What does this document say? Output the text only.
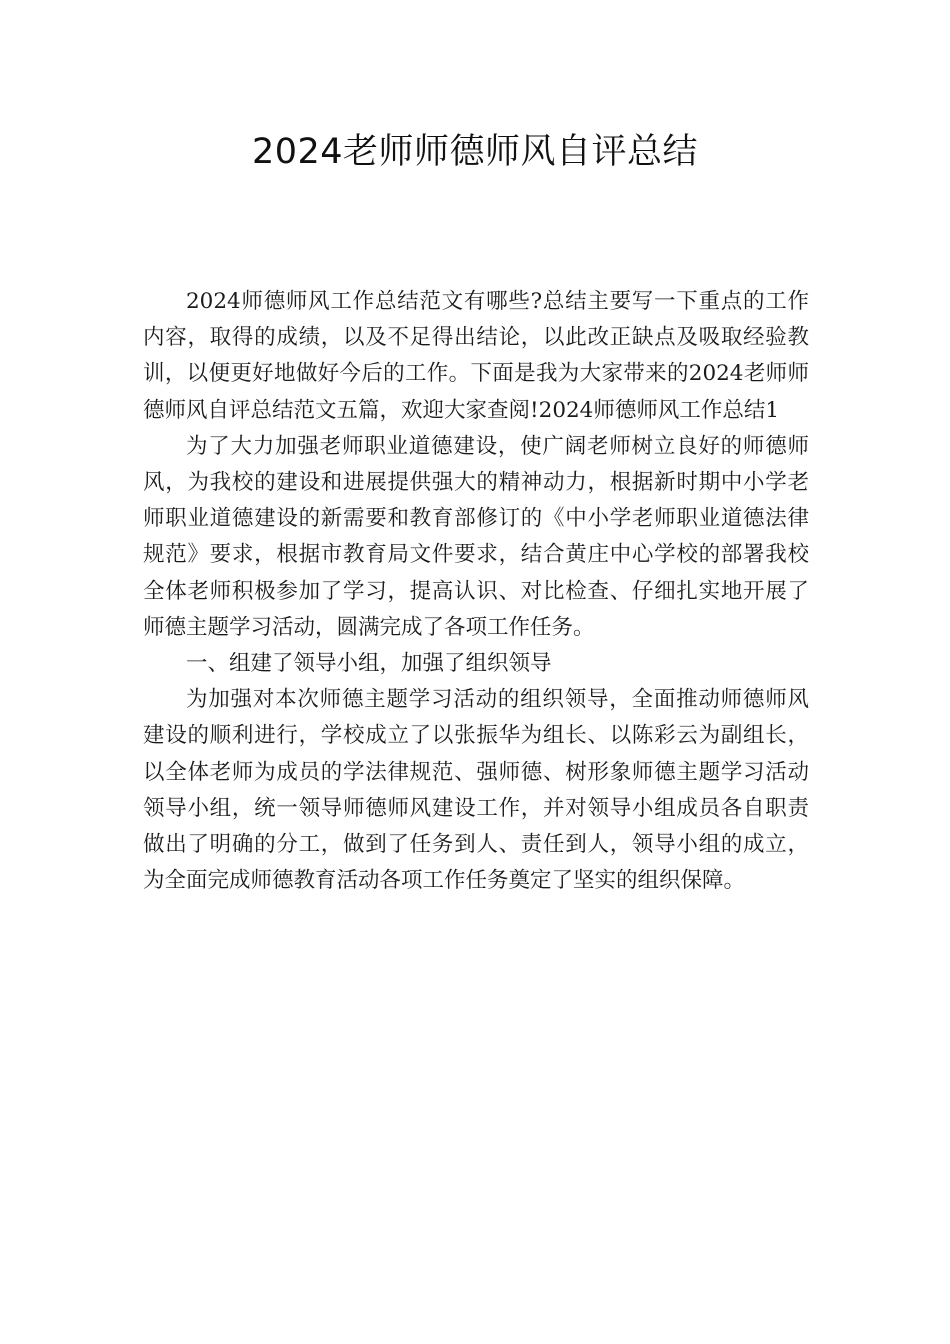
2024老师师德师风自评总结

2024师德师风工作总结范文有哪些?总结主要写一下重点的工作内容，取得的成绩，以及不足得出结论，以此改正缺点及吸取经验教训，以便更好地做好今后的工作。下面是我为大家带来的2024老师师德师风自评总结范文五篇，欢迎大家查阅!2024师德师风工作总结1

为了大力加强老师职业道德建设，使广阔老师树立良好的师德师风，为我校的建设和进展提供强大的精神动力，根据新时期中小学老师职业道德建设的新需要和教育部修订的《中小学老师职业道德法律规范》要求，根据市教育局文件要求，结合黄庄中心学校的部署我校全体老师积极参加了学习，提高认识、对比检查、仔细扎实地开展了师德主题学习活动，圆满完成了各项工作任务。

一、组建了领导小组，加强了组织领导

为加强对本次师德主题学习活动的组织领导，全面推动师德师风建设的顺利进行，学校成立了以张振华为组长、以陈彩云为副组长，以全体老师为成员的学法律规范、强师德、树形象师德主题学习活动领导小组，统一领导师德师风建设工作，并对领导小组成员各自职责做出了明确的分工，做到了任务到人、责任到人，领导小组的成立，为全面完成师德教育活动各项工作任务奠定了坚实的组织保障。
